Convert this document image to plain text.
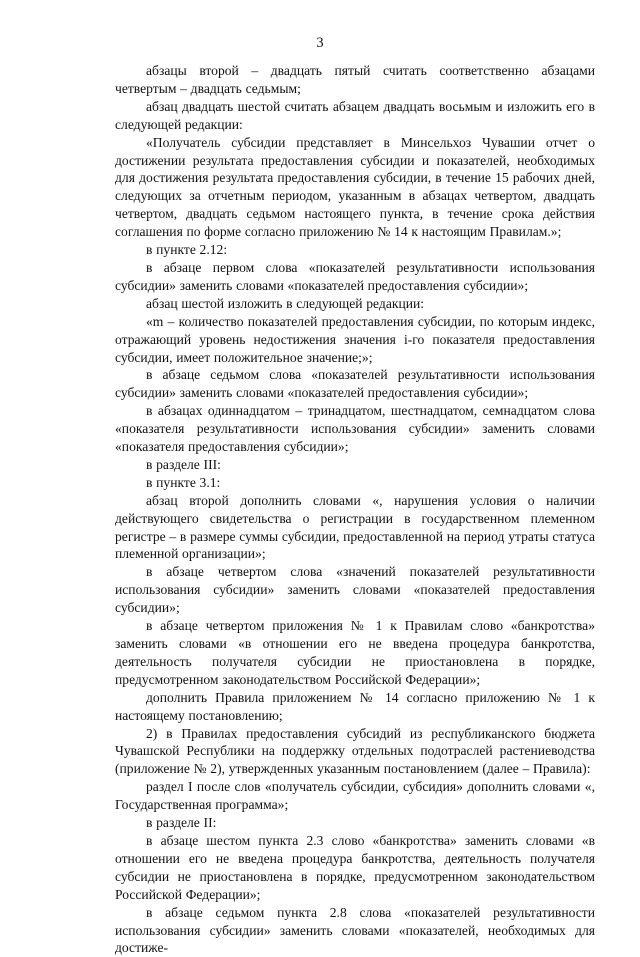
3

абзацы второй – двадцать пятый считать соответственно абзацами четвертым – двадцать седьмым;

абзац двадцать шестой считать абзацем двадцать восьмым и изложить его в следующей редакции:

«Получатель субсидии представляет в Минсельхоз Чувашии отчет о достижении результата предоставления субсидии и показателей, необходимых для достижения результата предоставления субсидии, в течение 15 рабочих дней, следующих за отчетным периодом, указанным в абзацах четвертом, двадцать четвертом, двадцать седьмом настоящего пункта, в течение срока действия соглашения по форме согласно приложению № 14 к настоящим Правилам.»;

в пункте 2.12:

в абзаце первом слова «показателей результативности использования субсидии» заменить словами «показателей предоставления субсидии»;

абзац шестой изложить в следующей редакции:

«m – количество показателей предоставления субсидии, по которым индекс, отражающий уровень недостижения значения i-го показателя предоставления субсидии, имеет положительное значение;»;

в абзаце седьмом слова «показателей результативности использования субсидии» заменить словами «показателей предоставления субсидии»;

в абзацах одиннадцатом – тринадцатом, шестнадцатом, семнадцатом слова «показателя результативности использования субсидии» заменить словами «показателя предоставления субсидии»;

в разделе III:

в пункте 3.1:

абзац второй дополнить словами «, нарушения условия о наличии действующего свидетельства о регистрации в государственном племенном регистре – в размере суммы субсидии, предоставленной на период утраты статуса племенной организации»;

в абзаце четвертом слова «значений показателей результативности использования субсидии» заменить словами «показателей предоставления субсидии»;

в абзаце четвертом приложения № 1 к Правилам слово «банкротства» заменить словами «в отношении его не введена процедура банкротства, деятельность получателя субсидии не приостановлена в порядке, предусмотренном законодательством Российской Федерации»;

дополнить Правила приложением № 14 согласно приложению № 1 к настоящему постановлению;

2) в Правилах предоставления субсидий из республиканского бюджета Чувашской Республики на поддержку отдельных подотраслей растениеводства (приложение № 2), утвержденных указанным постановлением (далее – Правила):

раздел I после слов «получатель субсидии, субсидия» дополнить словами «, Государственная программа»;

в разделе II:

в абзаце шестом пункта 2.3 слово «банкротства» заменить словами «в отношении его не введена процедура банкротства, деятельность получателя субсидии не приостановлена в порядке, предусмотренном законодательством Российской Федерации»;

в абзаце седьмом пункта 2.8 слова «показателей результативности использования субсидии» заменить словами «показателей, необходимых для достиже-
